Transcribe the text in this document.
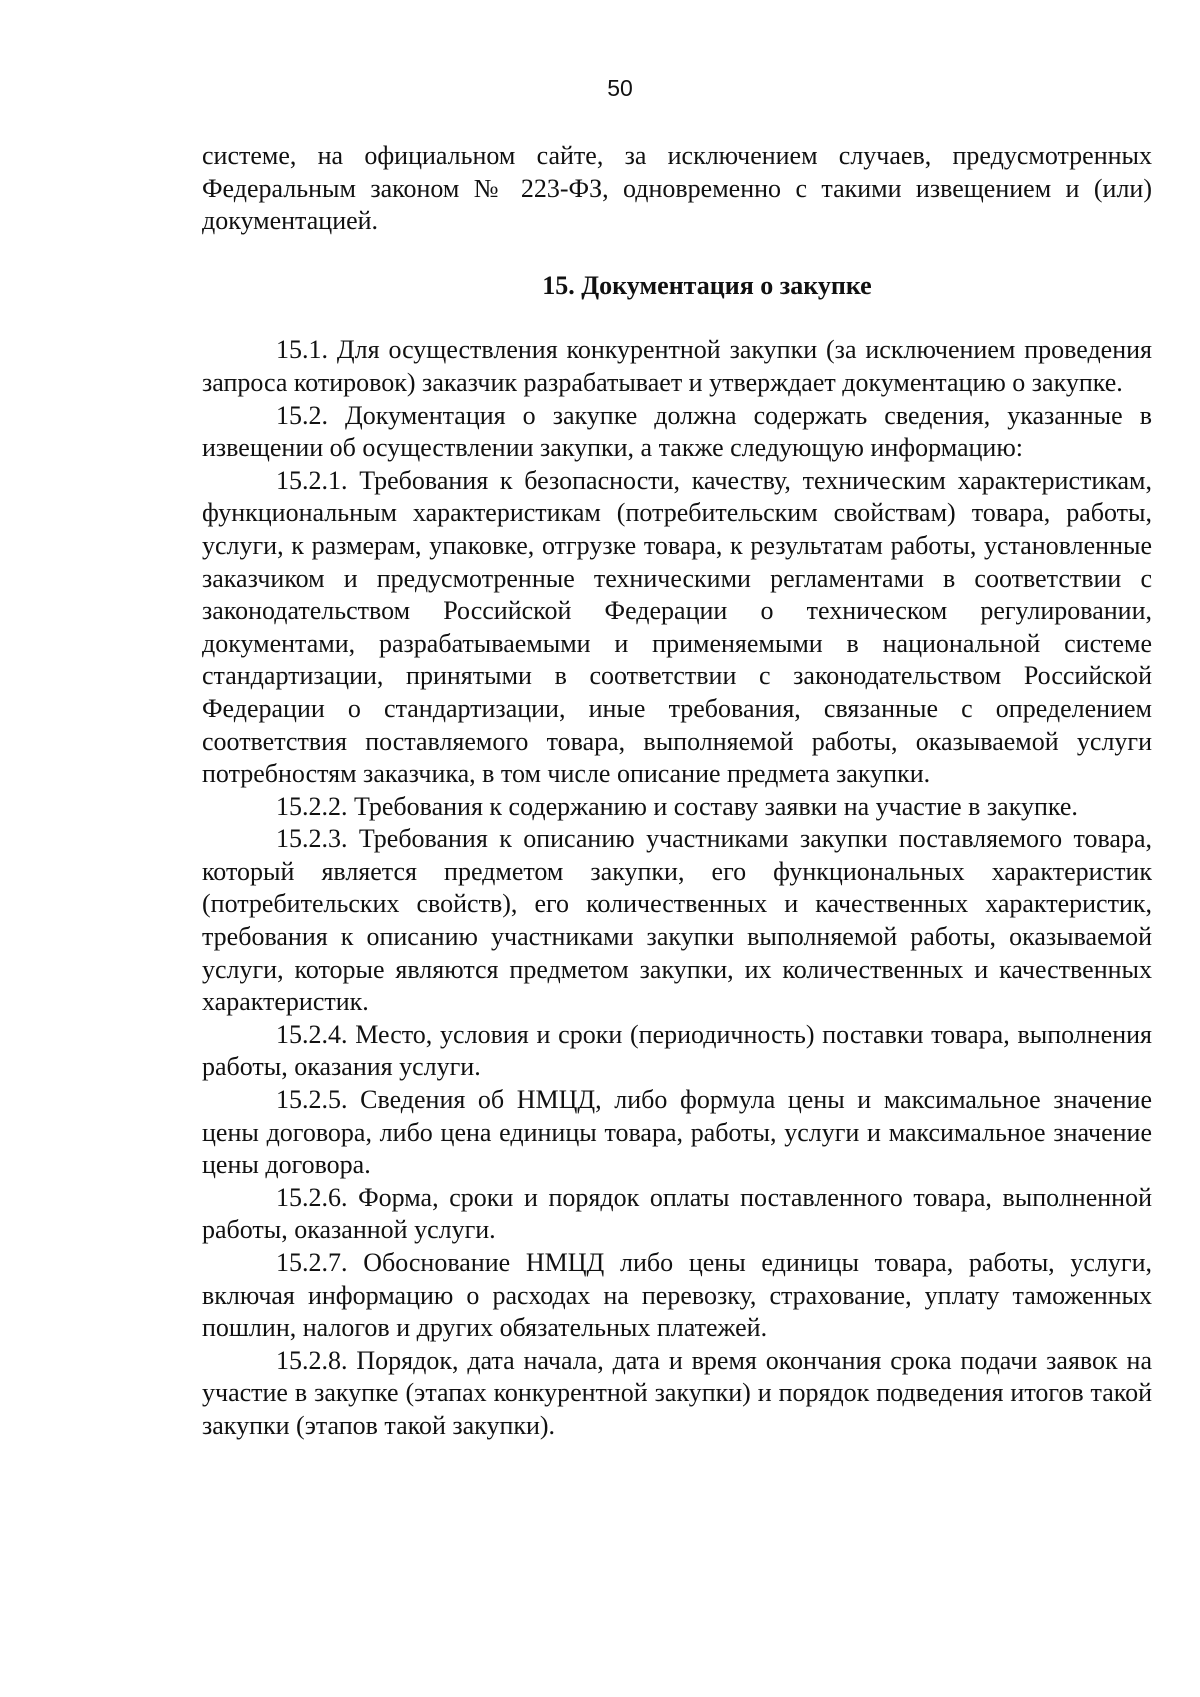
50

системе, на официальном сайте, за исключением случаев, предусмотренных Федеральным законом № 223-ФЗ, одновременно с такими извещением и (или) документацией.

15. Документация о закупке

15.1. Для осуществления конкурентной закупки (за исключением проведения запроса котировок) заказчик разрабатывает и утверждает документацию о закупке.

15.2. Документация о закупке должна содержать сведения, указанные в извещении об осуществлении закупки, а также следующую информацию:

15.2.1. Требования к безопасности, качеству, техническим характеристикам, функциональным характеристикам (потребительским свойствам) товара, работы, услуги, к размерам, упаковке, отгрузке товара, к результатам работы, установленные заказчиком и предусмотренные техническими регламентами в соответствии с законодательством Российской Федерации о техническом регулировании, документами, разрабатываемыми и применяемыми в национальной системе стандартизации, принятыми в соответствии с законодательством Российской Федерации о стандартизации, иные требования, связанные с определением соответствия поставляемого товара, выполняемой работы, оказываемой услуги потребностям заказчика, в том числе описание предмета закупки.

15.2.2. Требования к содержанию и составу заявки на участие в закупке.

15.2.3. Требования к описанию участниками закупки поставляемого товара, который является предметом закупки, его функциональных характеристик (потребительских свойств), его количественных и качественных характеристик, требования к описанию участниками закупки выполняемой работы, оказываемой услуги, которые являются предметом закупки, их количественных и качественных характеристик.

15.2.4. Место, условия и сроки (периодичность) поставки товара, выполнения работы, оказания услуги.

15.2.5. Сведения об НМЦД, либо формула цены и максимальное значение цены договора, либо цена единицы товара, работы, услуги и максимальное значение цены договора.

15.2.6. Форма, сроки и порядок оплаты поставленного товара, выполненной работы, оказанной услуги.

15.2.7. Обоснование НМЦД либо цены единицы товара, работы, услуги, включая информацию о расходах на перевозку, страхование, уплату таможенных пошлин, налогов и других обязательных платежей.

15.2.8. Порядок, дата начала, дата и время окончания срока подачи заявок на участие в закупке (этапах конкурентной закупки) и порядок подведения итогов такой закупки (этапов такой закупки).
